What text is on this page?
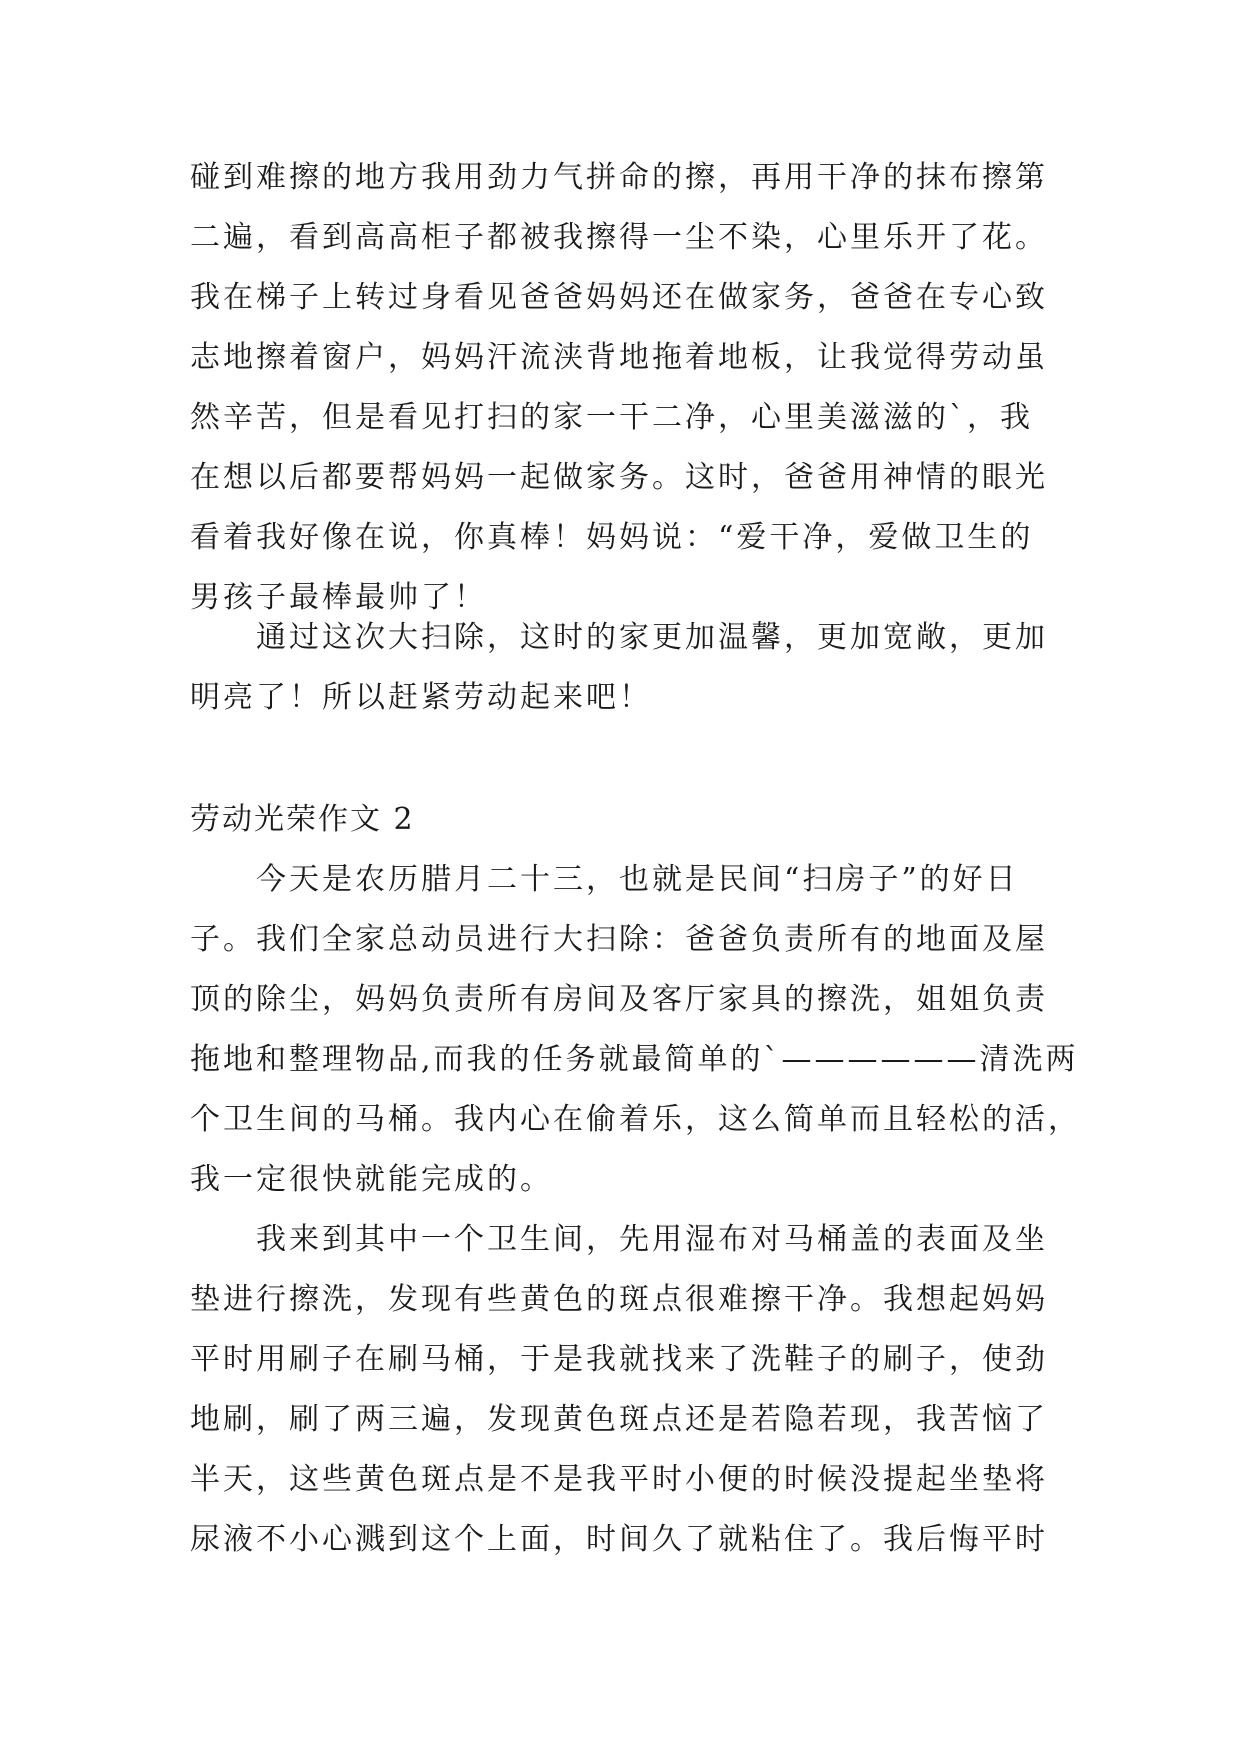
碰到难擦的地方我用劲力气拼命的擦，再用干净的抹布擦第
二遍，看到高高柜子都被我擦得一尘不染，心里乐开了花。
我在梯子上转过身看见爸爸妈妈还在做家务，爸爸在专心致
志地擦着窗户，妈妈汗流浃背地拖着地板，让我觉得劳动虽
然辛苦，但是看见打扫的家一干二净，心里美滋滋的`，我
在想以后都要帮妈妈一起做家务。这时，爸爸用神情的眼光
看着我好像在说，你真棒！妈妈说：“爱干净，爱做卫生的
男孩子最棒最帅了！
通过这次大扫除，这时的家更加温馨，更加宽敞，更加
明亮了！所以赶紧劳动起来吧！
劳动光荣作文 2
今天是农历腊月二十三，也就是民间“扫房子”的好日
子。我们全家总动员进行大扫除：爸爸负责所有的地面及屋
顶的除尘，妈妈负责所有房间及客厅家具的擦洗，姐姐负责
拖地和整理物品,而我的任务就最简单的`——————清洗两
个卫生间的马桶。我内心在偷着乐，这么简单而且轻松的活，
我一定很快就能完成的。
我来到其中一个卫生间，先用湿布对马桶盖的表面及坐
垫进行擦洗，发现有些黄色的斑点很难擦干净。我想起妈妈
平时用刷子在刷马桶，于是我就找来了洗鞋子的刷子，使劲
地刷，刷了两三遍，发现黄色斑点还是若隐若现，我苦恼了
半天，这些黄色斑点是不是我平时小便的时候没提起坐垫将
尿液不小心溅到这个上面，时间久了就粘住了。我后悔平时
